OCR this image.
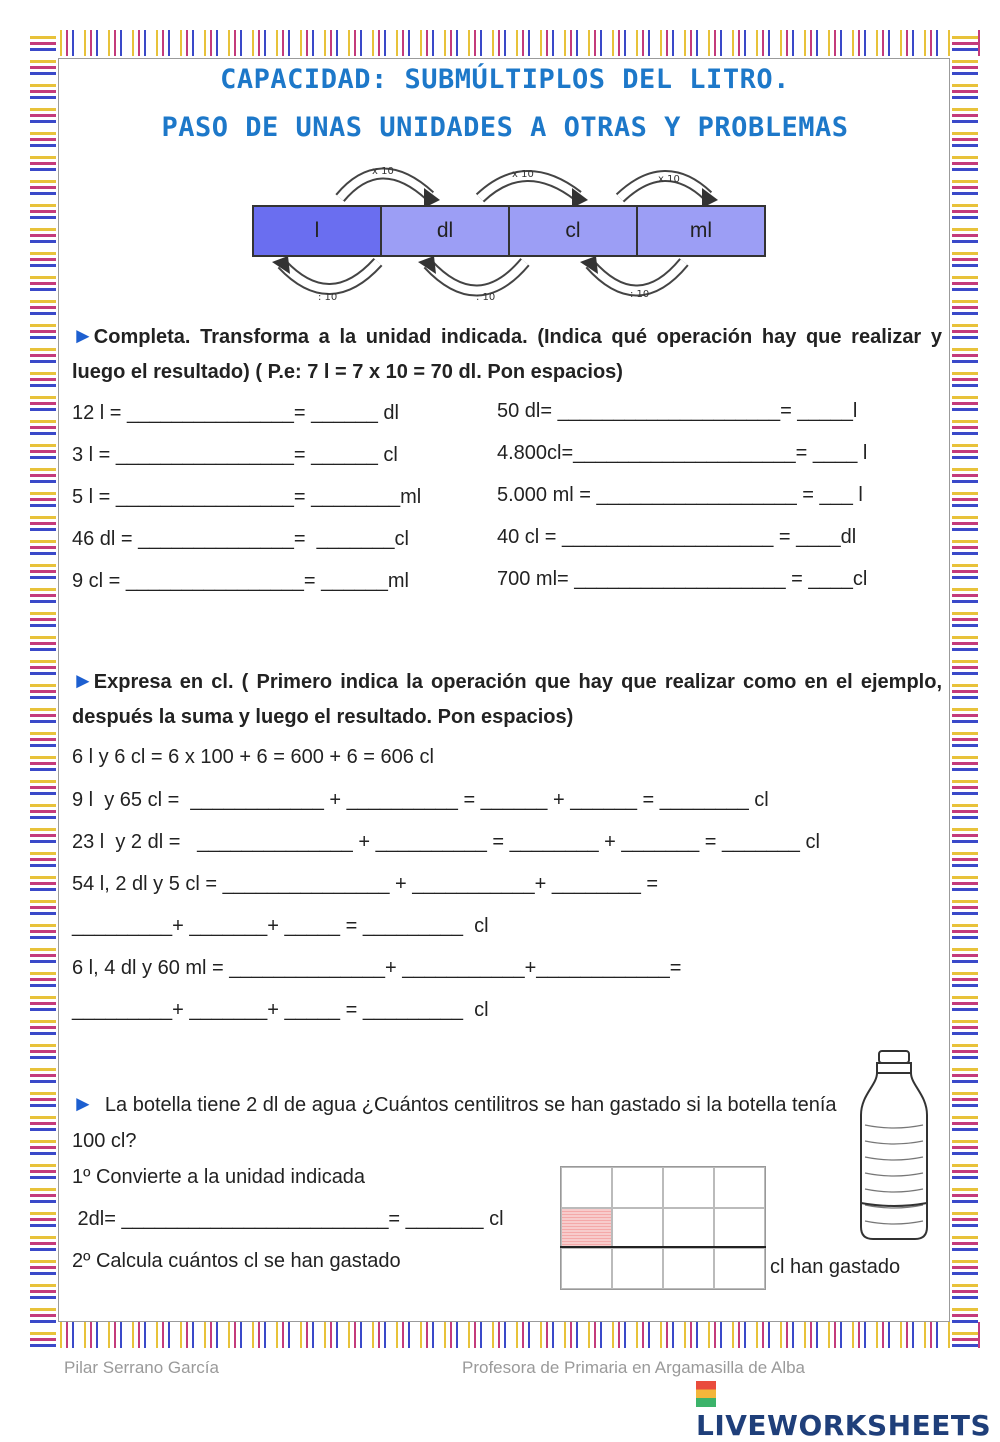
CAPACIDAD: SUBMÚLTIPLOS DEL LITRO.
PASO DE UNAS UNIDADES A OTRAS Y PROBLEMAS
x 10	x 10	x 10
: 10	: 10	: 10
l	dl	cl	ml
►Completa. Transforma a la unidad indicada. (Indica qué operación hay que realizar y luego el resultado) ( P.e: 7 l = 7 x 10 = 70 dl. Pon espacios)
12 l = _______________= ______ dl
3 l = ________________= ______ cl
5 l = ________________= ________ml
46 dl = ______________=  _______cl
9 cl = ________________= ______ml
50 dl= ____________________= _____l
4.800cl=____________________= ____ l
5.000 ml = __________________ = ___ l
40 cl = ___________________ = ____dl
700 ml= ___________________ = ____cl
►Expresa en cl. ( Primero indica la operación que hay que realizar como en el ejemplo, después la suma y luego el resultado. Pon espacios)
6 l y 6 cl = 6 x 100 + 6 = 600 + 6 = 606 cl
9 l  y 65 cl =  ____________ + __________ = ______ + ______ = ________ cl
23 l  y 2 dl =   ______________ + __________ = ________ + _______ = _______ cl
54 l, 2 dl y 5 cl = _______________ + ___________+ ________ =
_________+ _______+ _____ = _________  cl
6 l, 4 dl y 60 ml = ______________+ ___________+____________=
_________+ _______+ _____ = _________  cl
► La botella tiene 2 dl de agua ¿Cuántos centilitros se han gastado si la botella tenía 100 cl?
1º Convierte a la unidad indicada
2dl= ________________________= _______ cl
2º Calcula cuántos cl se han gastado	cl han gastado
Pilar Serrano García	Profesora de Primaria en Argamasilla de Alba
LIVEWORKSHEETS
